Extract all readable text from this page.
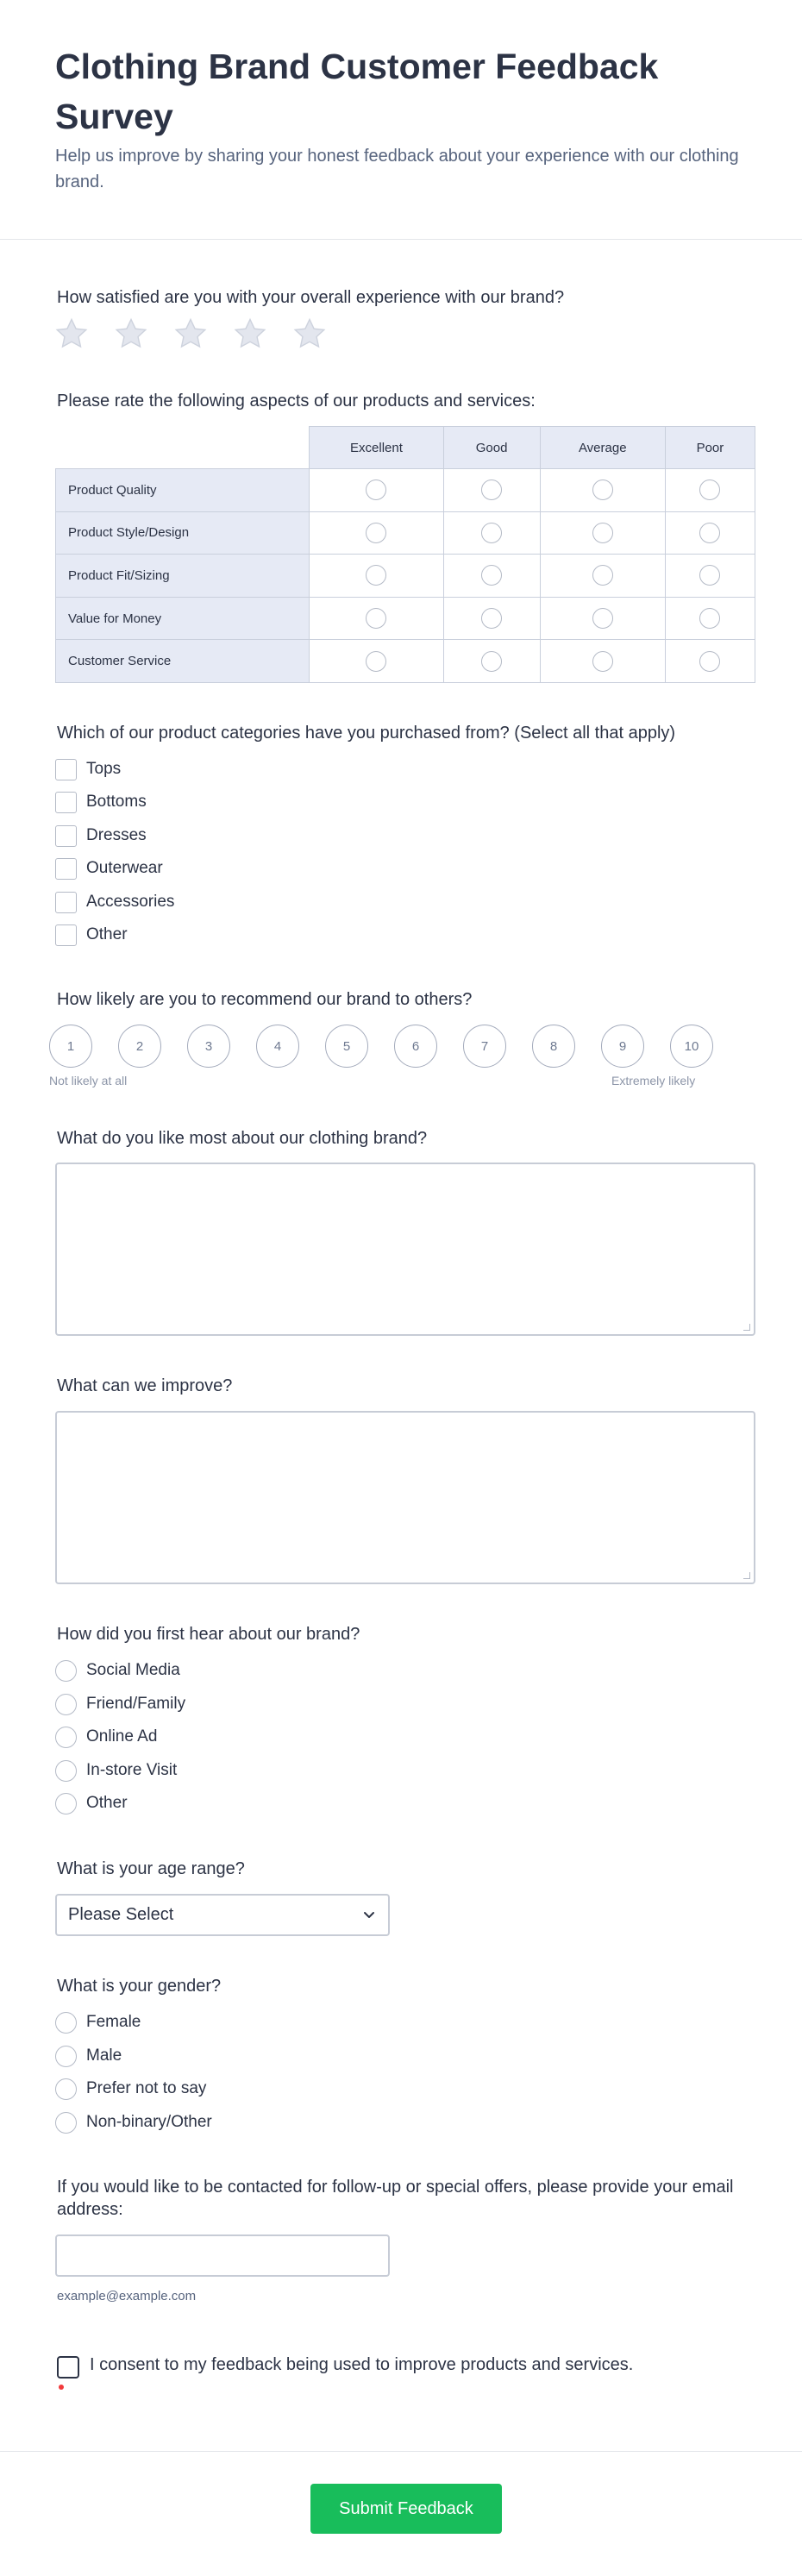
Clothing Brand Customer Feedback Survey
Help us improve by sharing your honest feedback about your experience with our clothing brand.
How satisfied are you with your overall experience with our brand?
Please rate the following aspects of our products and services:
	Excellent	Good	Average	Poor
Product Quality				
Product Style/Design				
Product Fit/Sizing				
Value for Money				
Customer Service				
Which of our product categories have you purchased from? (Select all that apply)
Tops
Bottoms
Dresses
Outerwear
Accessories
Other
How likely are you to recommend our brand to others?
1	2	3	4	5	6	7	8	9	10
Not likely at all	Extremely likely
What do you like most about our clothing brand?
What can we improve?
How did you first hear about our brand?
Social Media
Friend/Family
Online Ad
In-store Visit
Other
What is your age range?
Please Select
What is your gender?
Female
Male
Prefer not to say
Non-binary/Other
If you would like to be contacted for follow-up or special offers, please provide your email address:
example@example.com
I consent to my feedback being used to improve products and services.
Submit Feedback
